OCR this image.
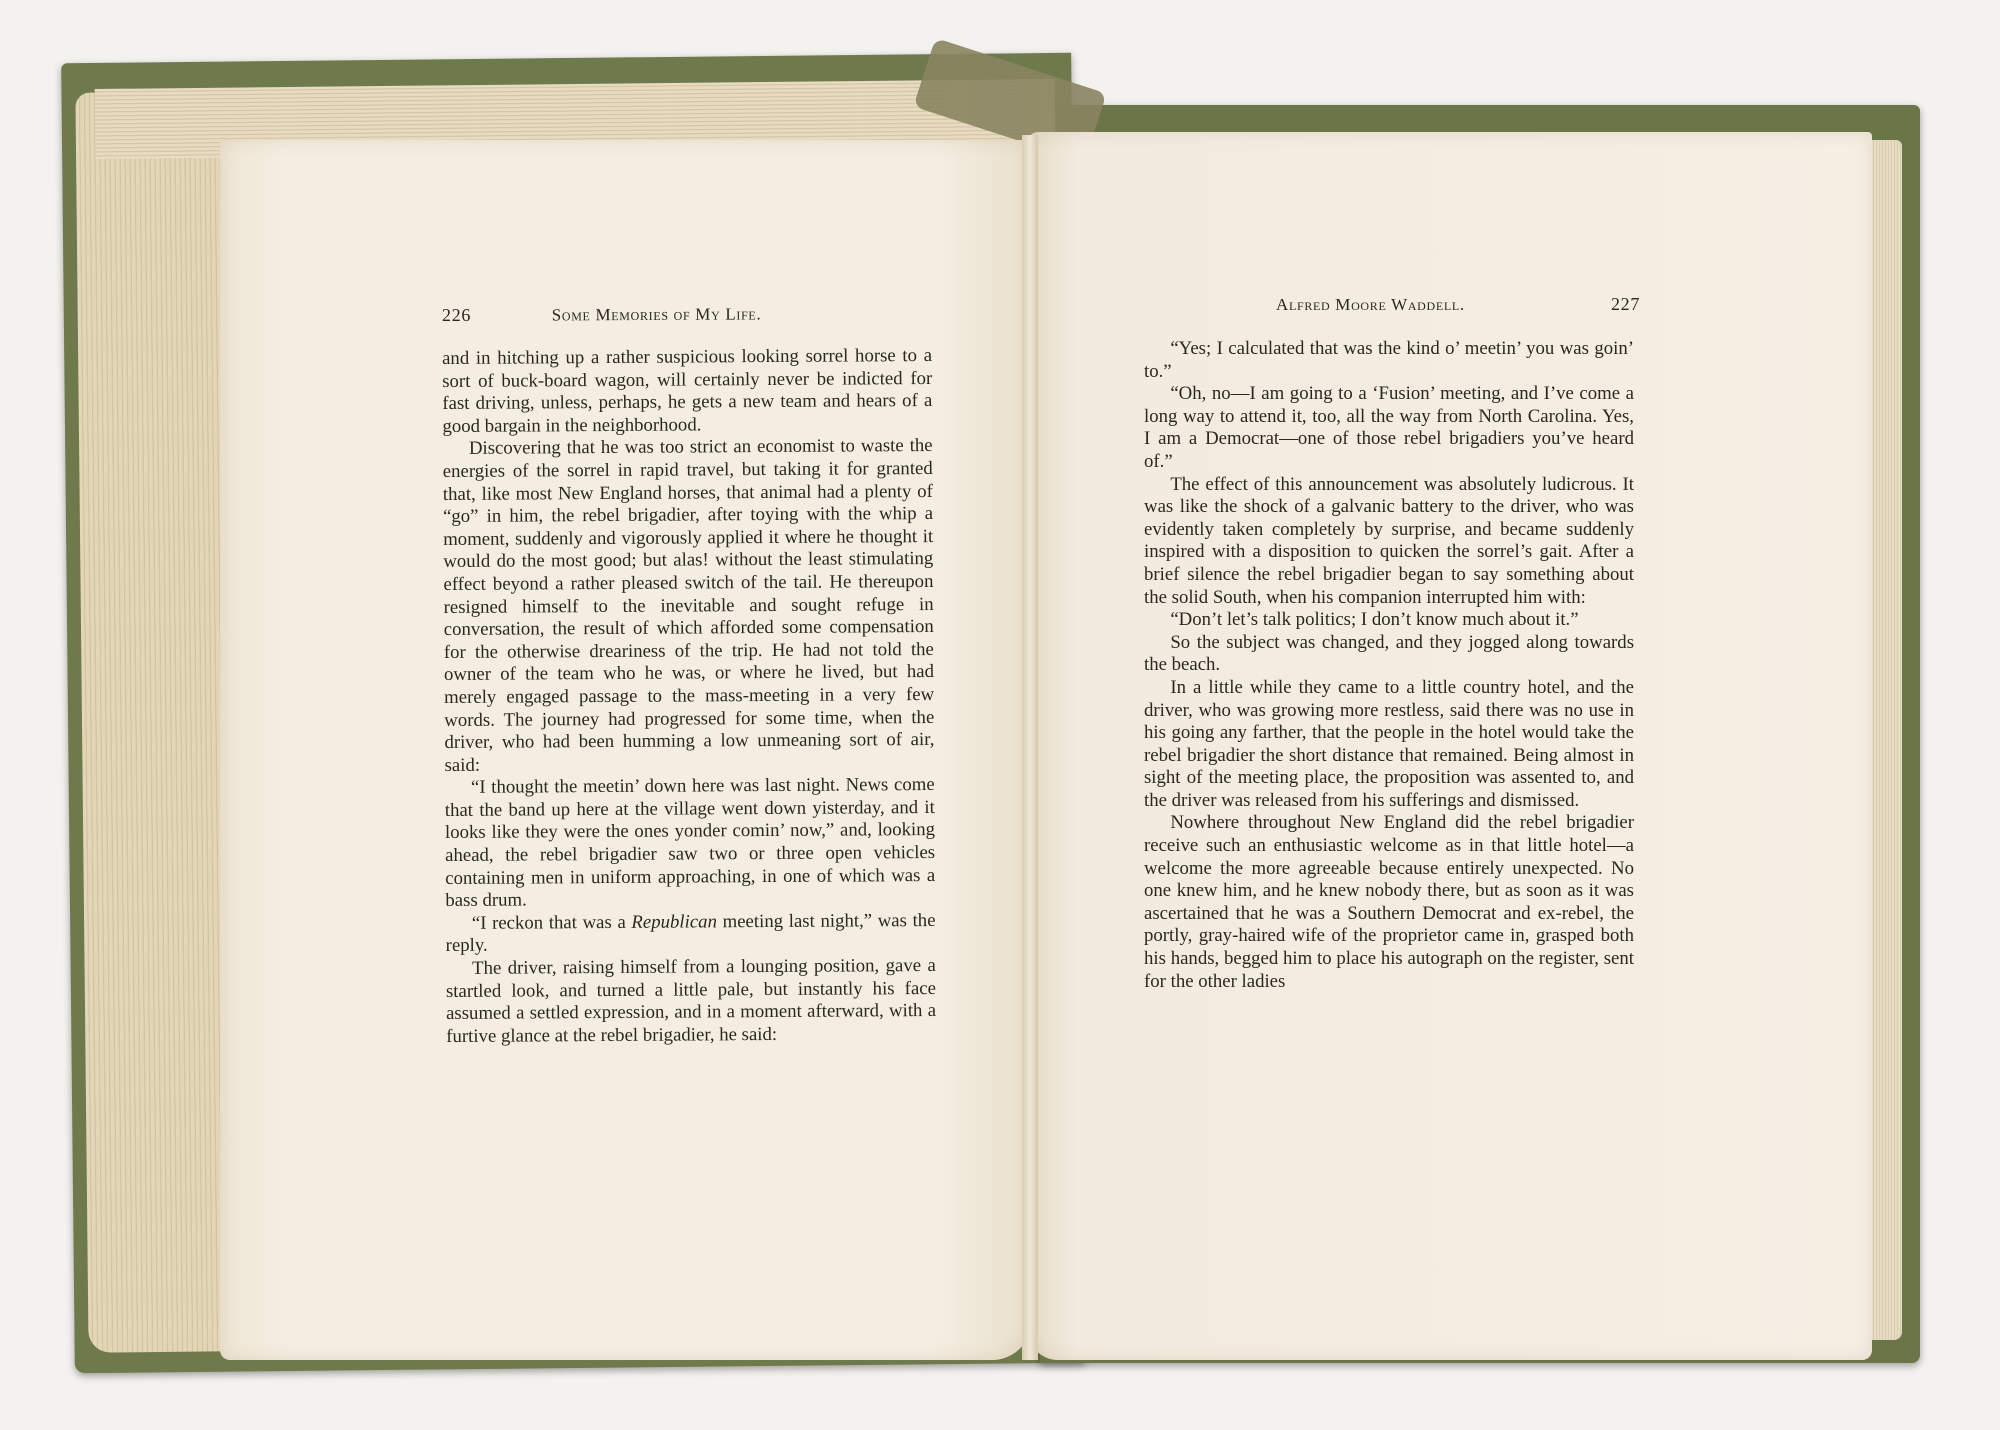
226	Some Memories of My Life.

and in hitching up a rather suspicious looking sorrel horse to a sort of buck-board wagon, will certainly never be indicted for fast driving, unless, perhaps, he gets a new team and hears of a good bargain in the neighborhood.

Discovering that he was too strict an economist to waste the energies of the sorrel in rapid travel, but taking it for granted that, like most New England horses, that animal had a plenty of “go” in him, the rebel brigadier, after toying with the whip a moment, suddenly and vigorously applied it where he thought it would do the most good; but alas! without the least stimulating effect beyond a rather pleased switch of the tail. He thereupon resigned himself to the inevitable and sought refuge in conversation, the result of which afforded some compensation for the otherwise dreariness of the trip. He had not told the owner of the team who he was, or where he lived, but had merely engaged passage to the mass-meeting in a very few words. The journey had progressed for some time, when the driver, who had been humming a low unmeaning sort of air, said:

“I thought the meetin’ down here was last night. News come that the band up here at the village went down yisterday, and it looks like they were the ones yonder comin’ now,” and, looking ahead, the rebel brigadier saw two or three open vehicles containing men in uniform approaching, in one of which was a bass drum.

“I reckon that was a Republican meeting last night,” was the reply.

The driver, raising himself from a lounging position, gave a startled look, and turned a little pale, but instantly his face assumed a settled expression, and in a moment afterward, with a furtive glance at the rebel brigadier, he said:

Alfred Moore Waddell.	227

“Yes; I calculated that was the kind o’ meetin’ you was goin’ to.”

“Oh, no—I am going to a ‘Fusion’ meeting, and I’ve come a long way to attend it, too, all the way from North Carolina. Yes, I am a Democrat—one of those rebel brigadiers you’ve heard of.”

The effect of this announcement was absolutely ludicrous. It was like the shock of a galvanic battery to the driver, who was evidently taken completely by surprise, and became suddenly inspired with a disposition to quicken the sorrel’s gait. After a brief silence the rebel brigadier began to say something about the solid South, when his companion interrupted him with:

“Don’t let’s talk politics; I don’t know much about it.”

So the subject was changed, and they jogged along towards the beach.

In a little while they came to a little country hotel, and the driver, who was growing more restless, said there was no use in his going any farther, that the people in the hotel would take the rebel brigadier the short distance that remained. Being almost in sight of the meeting place, the proposition was assented to, and the driver was released from his sufferings and dismissed.

Nowhere throughout New England did the rebel brigadier receive such an enthusiastic welcome as in that little hotel—a welcome the more agreeable because entirely unexpected. No one knew him, and he knew nobody there, but as soon as it was ascertained that he was a Southern Democrat and ex-rebel, the portly, gray-haired wife of the proprietor came in, grasped both his hands, begged him to place his autograph on the register, sent for the other ladies
